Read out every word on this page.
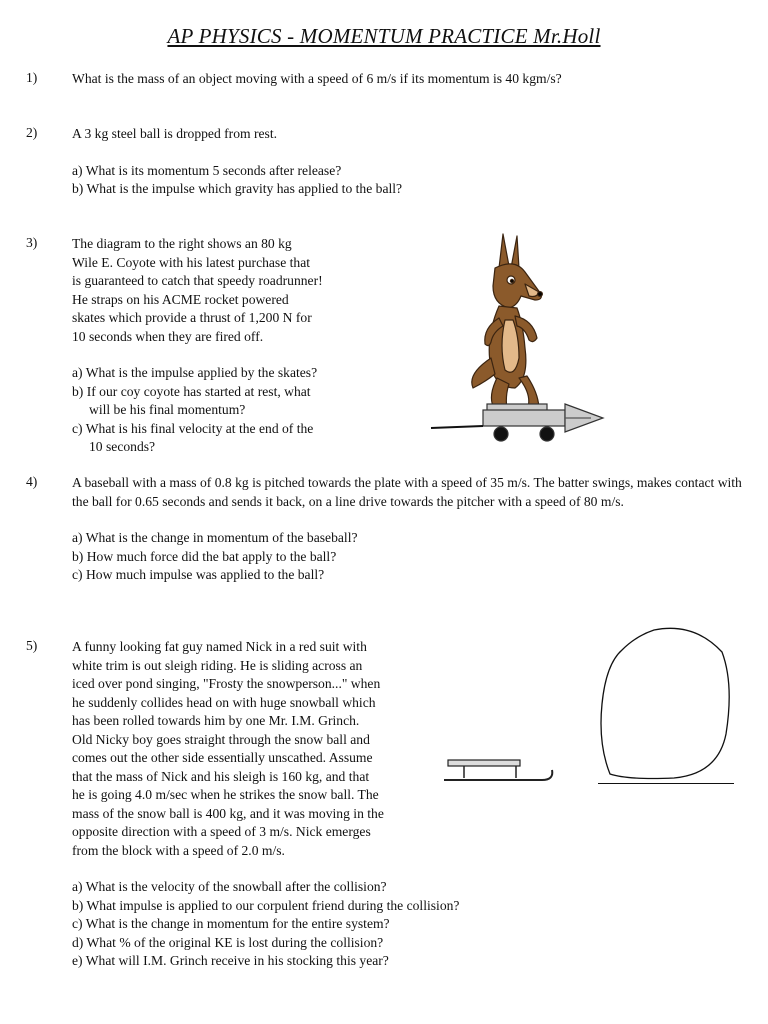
AP PHYSICS - MOMENTUM PRACTICE Mr.Holl
1)	What is the mass of an object moving with a speed of 6 m/s if its momentum is 40 kgm/s?
2)	A 3 kg steel ball is dropped from rest.

a) What is its momentum 5 seconds after release?

b) What is the impulse which gravity has applied to the ball?

3)	The diagram to the right shows an 80 kg

Wile E. Coyote with his latest purchase that

is guaranteed to catch that speedy roadrunner!

He straps on his ACME rocket powered

skates which provide a thrust of 1,200 N for

10 seconds when they are fired off.

a) What is the impulse applied by the skates?

b) If our coy coyote has started at rest, what

will be his final momentum?

c) What is his final velocity at the end of the

10 seconds?

4)	A baseball with a mass of 0.8 kg is pitched towards the plate with a speed of 35 m/s. The batter swings, makes contact with the ball for 0.65 seconds and sends it back, on a line drive towards the pitcher with a speed of 80 m/s.

a) What is the change in momentum of the baseball?

b) How much force did the bat apply to the ball?

c) How much impulse was applied to the ball?

5)	A funny looking fat guy named Nick in a red suit with

white trim is out sleigh riding. He is sliding across an

iced over pond singing, "Frosty the snowperson..." when

he suddenly collides head on with huge snowball which

has been rolled towards him by one Mr. I.M. Grinch.

Old Nicky boy goes straight through the snow ball and

comes out the other side essentially unscathed. Assume

that the mass of Nick and his sleigh is 160 kg, and that

he is going 4.0 m/sec when he strikes the snow ball. The

mass of the snow ball is 400 kg, and it was moving in the

opposite direction with a speed of 3 m/s. Nick emerges

from the block with a speed of 2.0 m/s.

a) What is the velocity of the snowball after the collision?

b) What impulse is applied to our corpulent friend during the collision?

c) What is the change in momentum for the entire system?

d) What % of the original KE is lost during the collision?

e) What will I.M. Grinch receive in his stocking this year?
